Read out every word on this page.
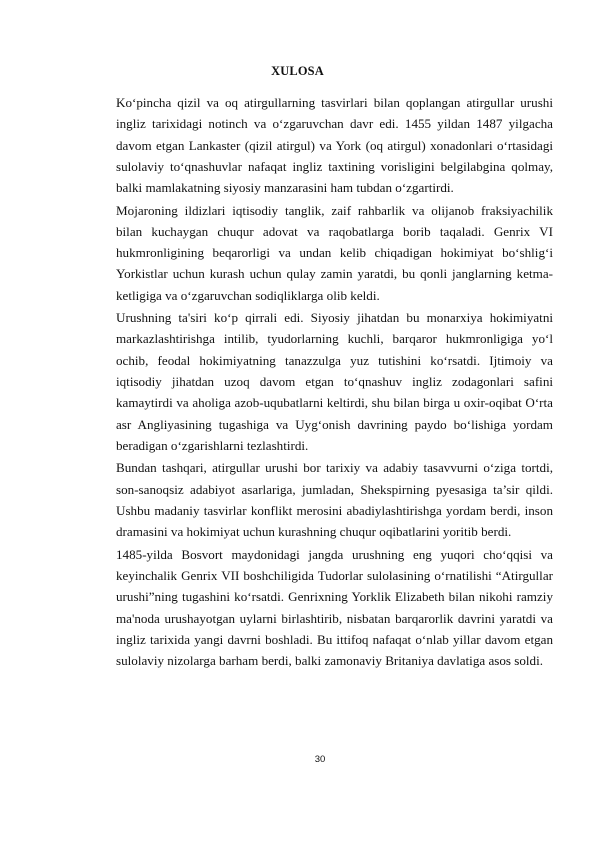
XULOSA

Ko‘pincha qizil va oq atirgullarning tasvirlari bilan qoplangan atirgullar urushi ingliz tarixidagi notinch va o‘zgaruvchan davr edi. 1455 yildan 1487 yilgacha davom etgan Lankaster (qizil atirgul) va York (oq atirgul) xonadonlari o‘rtasidagi sulolaviy to‘qnashuvlar nafaqat ingliz taxtining vorisligini belgilabgina qolmay, balki mamlakatning siyosiy manzarasini ham tubdan o‘zgartirdi.

Mojaroning ildizlari iqtisodiy tanglik, zaif rahbarlik va olijanob fraksiyachilik bilan kuchaygan chuqur adovat va raqobatlarga borib taqaladi. Genrix VI hukmronligining beqarorligi va undan kelib chiqadigan hokimiyat bo‘shlig‘i Yorkistlar uchun kurash uchun qulay zamin yaratdi, bu qonli janglarning ketma-ketligiga va o‘zgaruvchan sodiqliklarga olib keldi.

Urushning ta'siri ko‘p qirrali edi. Siyosiy jihatdan bu monarxiya hokimiyatni markazlashtirishga intilib, tyudorlarning kuchli, barqaror hukmronligiga yo‘l ochib, feodal hokimiyatning tanazzulga yuz tutishini ko‘rsatdi. Ijtimoiy va iqtisodiy jihatdan uzoq davom etgan to‘qnashuv ingliz zodagonlari safini kamaytirdi va aholiga azob-uqubatlarni keltirdi, shu bilan birga u oxir-oqibat O‘rta asr Angliyasining tugashiga va Uyg‘onish davrining paydo bo‘lishiga yordam beradigan o‘zgarishlarni tezlashtirdi.

Bundan tashqari, atirgullar urushi bor tarixiy va adabiy tasavvurni o‘ziga tortdi, son-sanoqsiz adabiyot asarlariga, jumladan, Shekspirning pyesasiga ta’sir qildi. Ushbu madaniy tasvirlar konflikt merosini abadiylashtirishga yordam berdi, inson dramasini va hokimiyat uchun kurashning chuqur oqibatlarini yoritib berdi.

1485-yilda Bosvort maydonidagi jangda urushning eng yuqori cho‘qqisi va keyinchalik Genrix VII boshchiligida Tudorlar sulolasining o‘rnatilishi “Atirgullar urushi”ning tugashini ko‘rsatdi. Genrixning Yorklik Elizabeth bilan nikohi ramziy ma'noda urushayotgan uylarni birlashtirib, nisbatan barqarorlik davrini yaratdi va ingliz tarixida yangi davrni boshladi. Bu ittifoq nafaqat o‘nlab yillar davom etgan sulolaviy nizolarga barham berdi, balki zamonaviy Britaniya davlatiga asos soldi.

30
